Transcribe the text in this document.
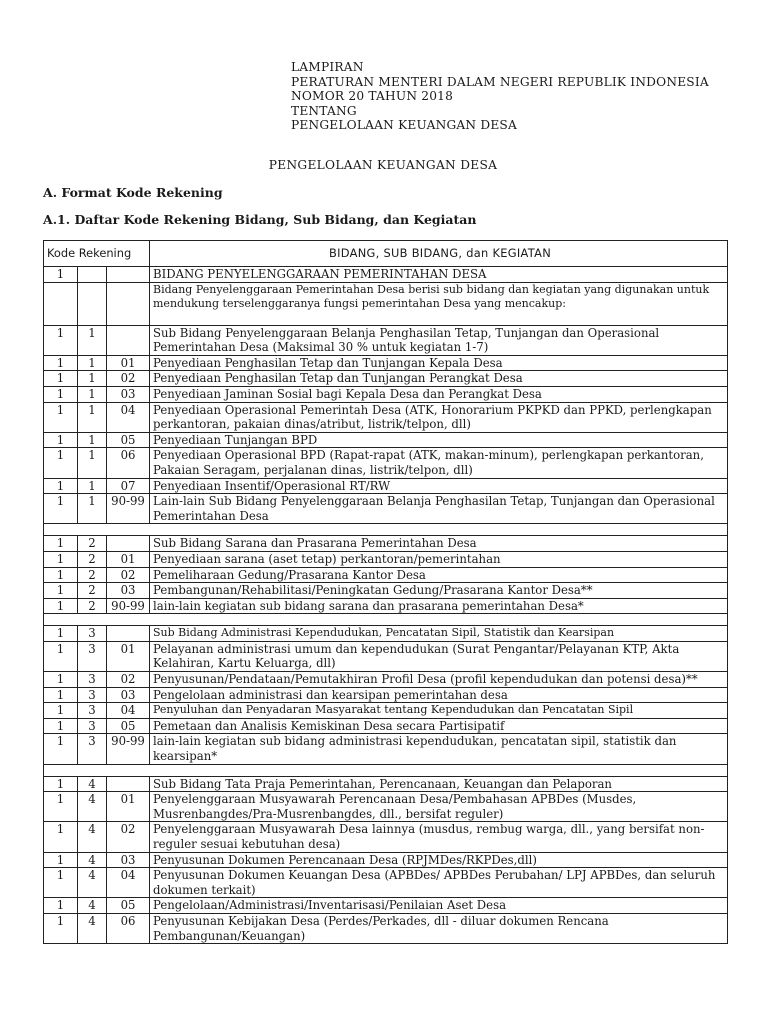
LAMPIRAN
PERATURAN MENTERI DALAM NEGERI REPUBLIK INDONESIA
NOMOR 20 TAHUN 2018
TENTANG
PENGELOLAAN KEUANGAN DESA
PENGELOLAAN KEUANGAN DESA
A. Format Kode Rekening
A.1. Daftar Kode Rekening Bidang, Sub Bidang, dan Kegiatan
Kode Rekening			BIDANG, SUB BIDANG, dan KEGIATAN
1			BIDANG PENYELENGGARAAN PEMERINTAHAN DESA
			Bidang Penyelenggaraan Pemerintahan Desa berisi sub bidang dan kegiatan yang digunakan untuk mendukung terselenggaranya fungsi pemerintahan Desa yang mencakup:
1	1		Sub Bidang Penyelenggaraan Belanja Penghasilan Tetap, Tunjangan dan Operasional Pemerintahan Desa (Maksimal 30 % untuk kegiatan 1-7)
1	1	01	Penyediaan Penghasilan Tetap dan Tunjangan Kepala Desa
1	1	02	Penyediaan Penghasilan Tetap dan Tunjangan Perangkat Desa
1	1	03	Penyediaan Jaminan Sosial bagi Kepala Desa dan Perangkat Desa
1	1	04	Penyediaan Operasional Pemerintah Desa (ATK, Honorarium PKPKD dan PPKD, perlengkapan perkantoran, pakaian dinas/atribut, listrik/telpon, dll)
1	1	05	Penyediaan Tunjangan BPD
1	1	06	Penyediaan Operasional BPD (Rapat-rapat (ATK, makan-minum), perlengkapan perkantoran, Pakaian Seragam, perjalanan dinas, listrik/telpon, dll)
1	1	07	Penyediaan Insentif/Operasional RT/RW
1	1	90-99	Lain-lain Sub Bidang Penyelenggaraan Belanja Penghasilan Tetap, Tunjangan dan Operasional Pemerintahan Desa

1	2		Sub Bidang Sarana dan Prasarana Pemerintahan Desa
1	2	01	Penyediaan sarana (aset tetap) perkantoran/pemerintahan
1	2	02	Pemeliharaan Gedung/Prasarana Kantor Desa
1	2	03	Pembangunan/Rehabilitasi/Peningkatan Gedung/Prasarana Kantor Desa**
1	2	90-99	lain-lain kegiatan sub bidang sarana dan prasarana pemerintahan Desa*

1	3		Sub Bidang Administrasi Kependudukan, Pencatatan Sipil, Statistik dan Kearsipan
1	3	01	Pelayanan administrasi umum dan kependudukan (Surat Pengantar/Pelayanan KTP, Akta Kelahiran, Kartu Keluarga, dll)
1	3	02	Penyusunan/Pendataan/Pemutakhiran Profil Desa (profil kependudukan dan potensi desa)**
1	3	03	Pengelolaan administrasi dan kearsipan pemerintahan desa
1	3	04	Penyuluhan dan Penyadaran Masyarakat tentang Kependudukan dan Pencatatan Sipil
1	3	05	Pemetaan dan Analisis Kemiskinan Desa secara Partisipatif
1	3	90-99	lain-lain kegiatan sub bidang administrasi kependudukan, pencatatan sipil, statistik dan kearsipan*

1	4		Sub Bidang Tata Praja Pemerintahan, Perencanaan, Keuangan dan Pelaporan
1	4	01	Penyelenggaraan Musyawarah Perencanaan Desa/Pembahasan APBDes (Musdes, Musrenbangdes/Pra-Musrenbangdes, dll., bersifat reguler)
1	4	02	Penyelenggaraan Musyawarah Desa lainnya (musdus, rembug warga, dll., yang bersifat non-reguler sesuai kebutuhan desa)
1	4	03	Penyusunan Dokumen Perencanaan Desa (RPJMDes/RKPDes,dll)
1	4	04	Penyusunan Dokumen Keuangan Desa (APBDes/ APBDes Perubahan/ LPJ APBDes, dan seluruh dokumen terkait)
1	4	05	Pengelolaan/Administrasi/Inventarisasi/Penilaian Aset Desa
1	4	06	Penyusunan Kebijakan Desa (Perdes/Perkades, dll - diluar dokumen Rencana Pembangunan/Keuangan)
